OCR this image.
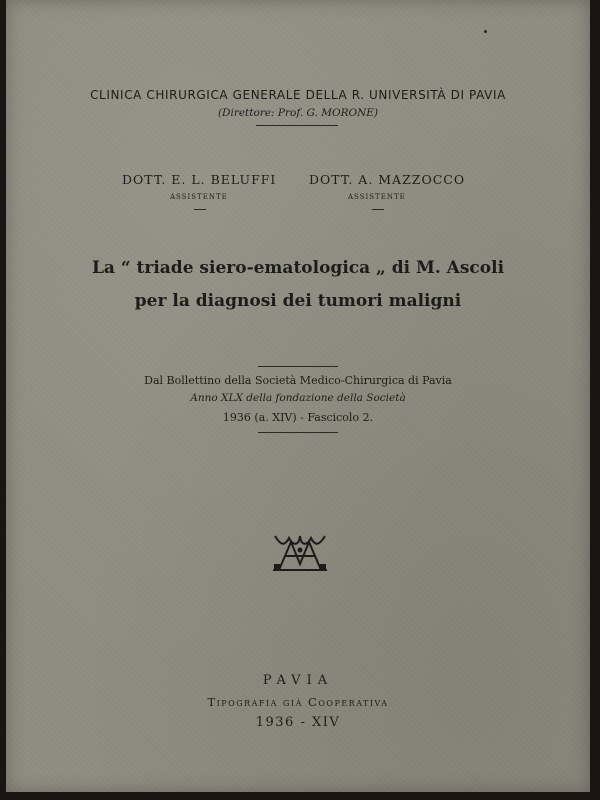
CLINICA CHIRURGICA GENERALE DELLA R. UNIVERSITÀ DI PAVIA
(Direttore: Prof. G. MORONE)
DOTT. E. L. BELUFFI
ASSISTENTE
DOTT. A. MAZZOCCO
ASSISTENTE
La “ triade siero-ematologica „ di M. Ascoli
per la diagnosi dei tumori maligni
Dal Bollettino della Società Medico-Chirurgica di Pavia
Anno XLX della fondazione della Società
1936 (a. XIV) - Fascicolo 2.
PAVIA
Tipografia già Cooperativa
1936 - XIV
